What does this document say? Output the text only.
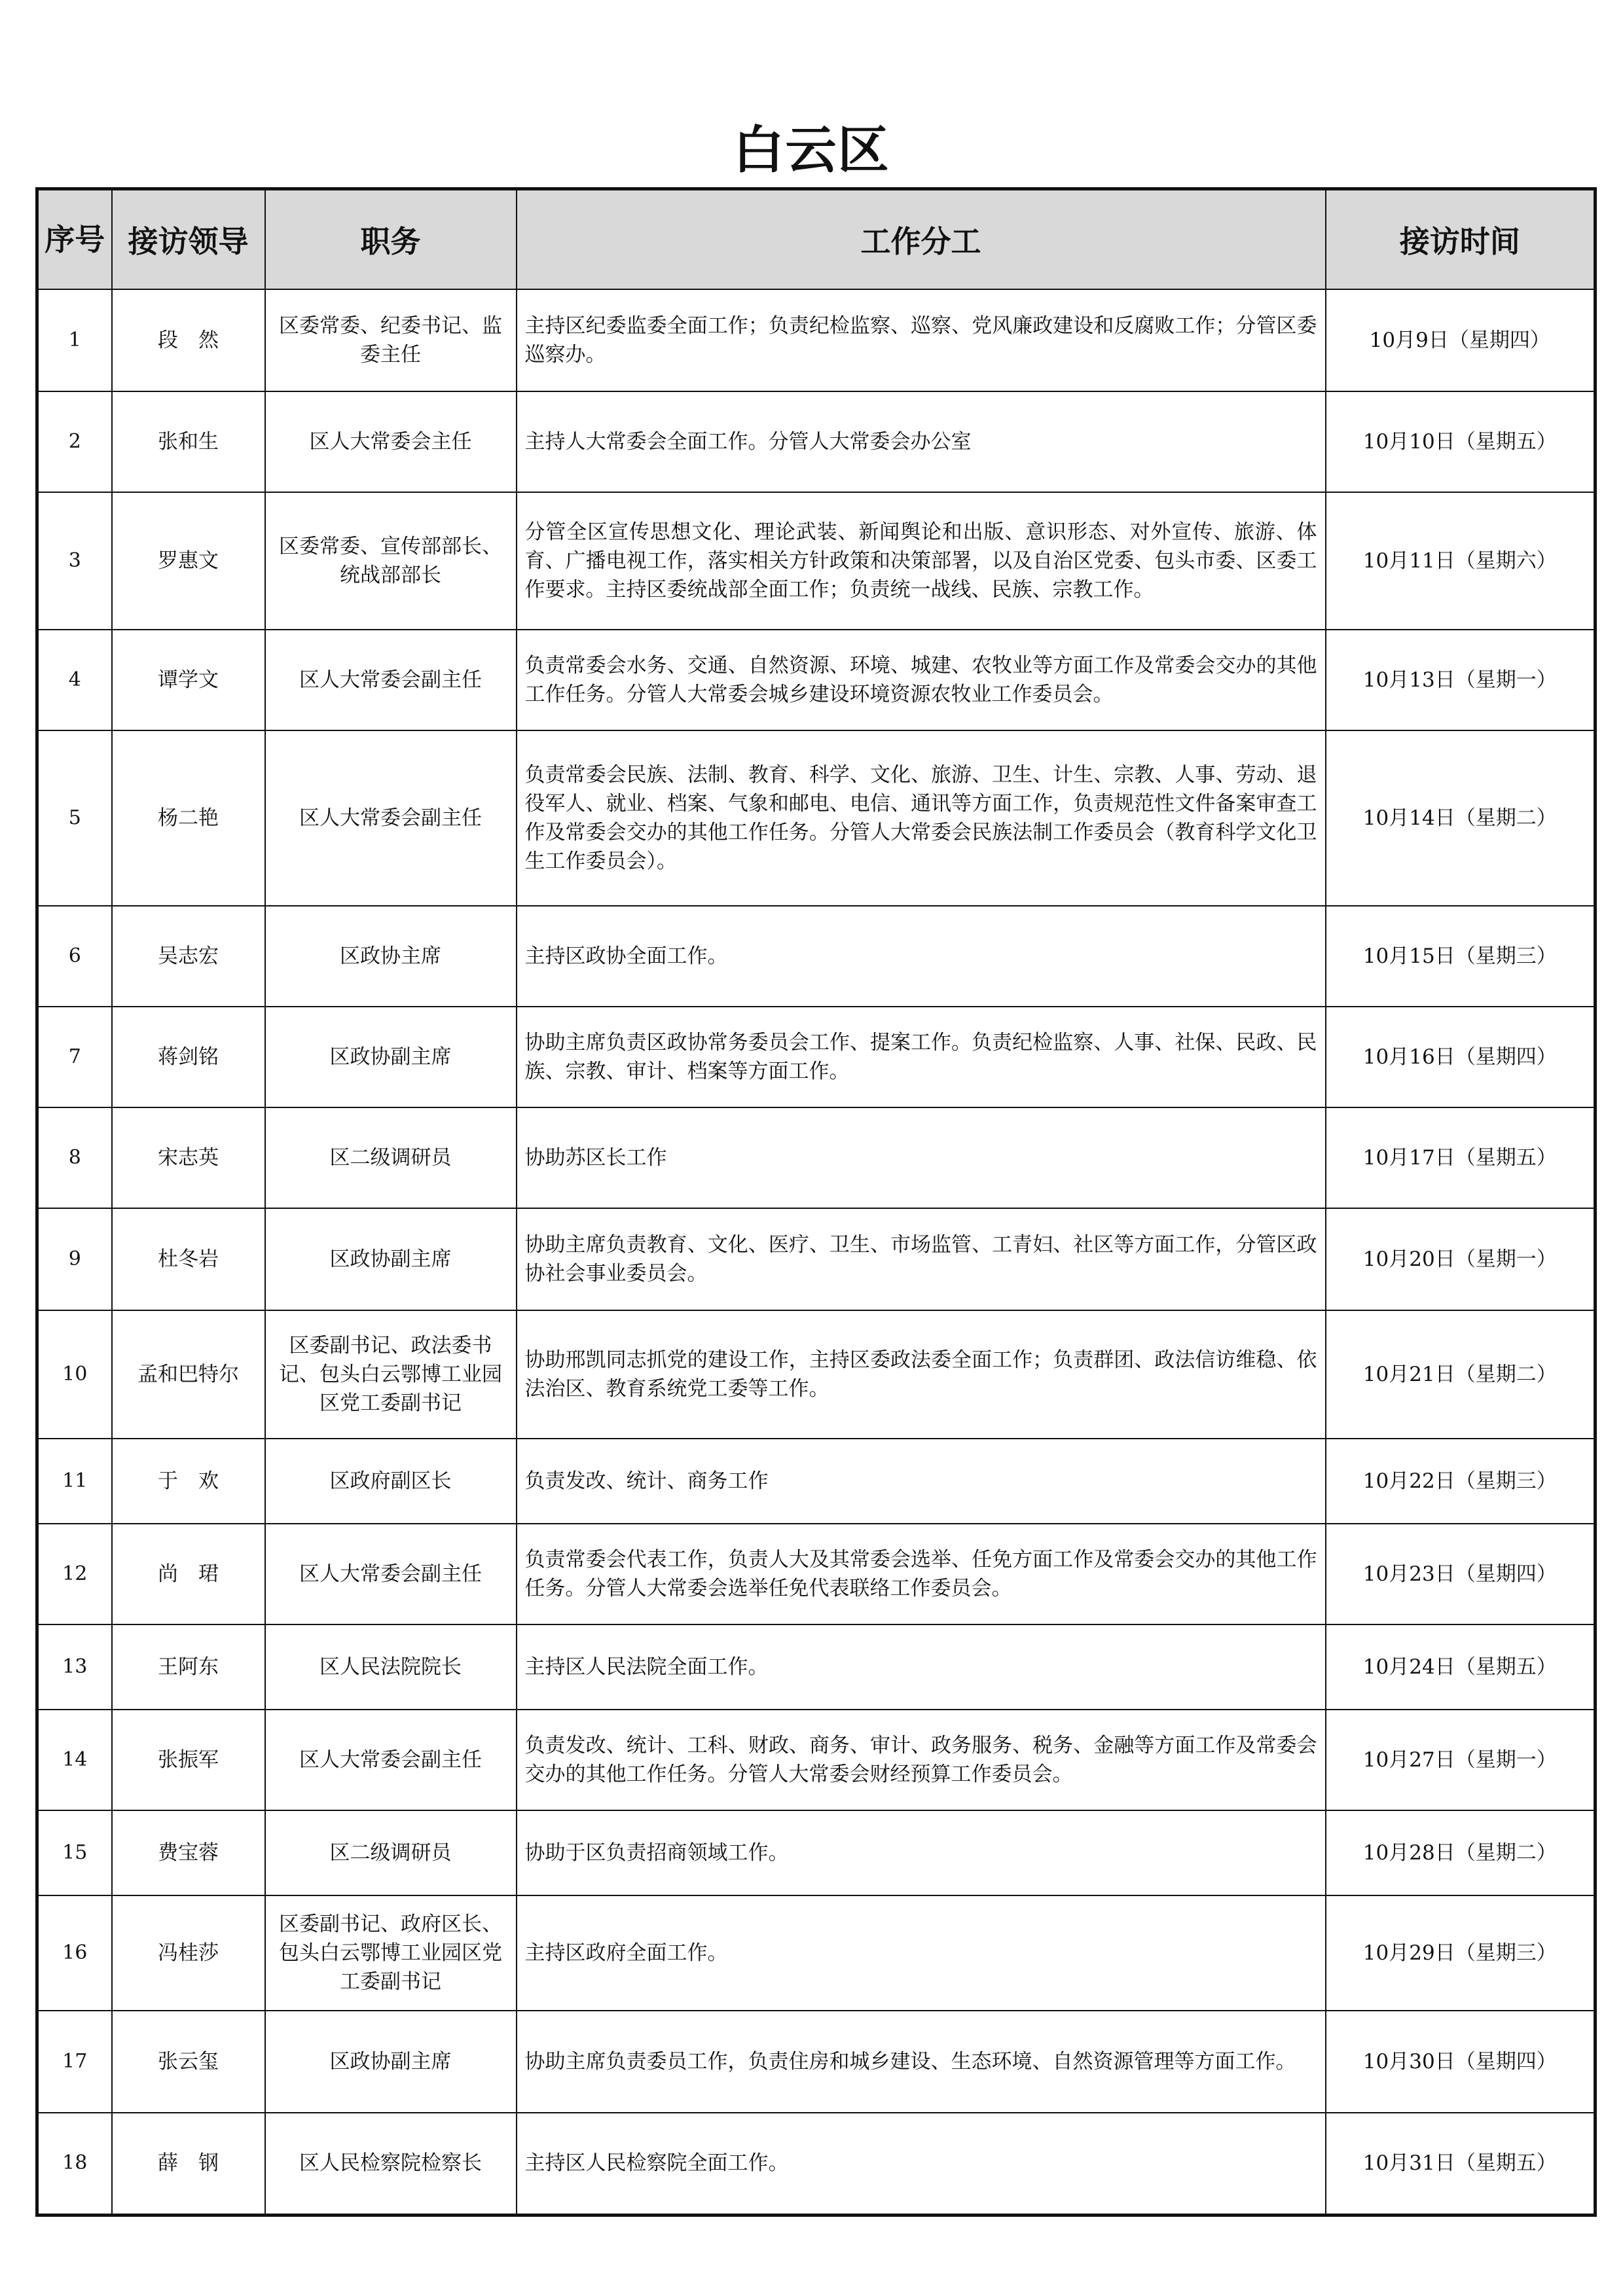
白云区
序号	接访领导	职务	工作分工	接访时间
1	段　然	区委常委、纪委书记、监委主任	主持区纪委监委全面工作；负责纪检监察、巡察、党风廉政建设和反腐败工作；分管区委巡察办。	10月9日（星期四）
2	张和生	区人大常委会主任	主持人大常委会全面工作。分管人大常委会办公室	10月10日（星期五）
3	罗惠文	区委常委、宣传部部长、统战部部长	分管全区宣传思想文化、理论武装、新闻舆论和出版、意识形态、对外宣传、旅游、体育、广播电视工作，落实相关方针政策和决策部署，以及自治区党委、包头市委、区委工作要求。主持区委统战部全面工作；负责统一战线、民族、宗教工作。	10月11日（星期六）
4	谭学文	区人大常委会副主任	负责常委会水务、交通、自然资源、环境、城建、农牧业等方面工作及常委会交办的其他工作任务。分管人大常委会城乡建设环境资源农牧业工作委员会。	10月13日（星期一）
5	杨二艳	区人大常委会副主任	负责常委会民族、法制、教育、科学、文化、旅游、卫生、计生、宗教、人事、劳动、退役军人、就业、档案、气象和邮电、电信、通讯等方面工作，负责规范性文件备案审查工作及常委会交办的其他工作任务。分管人大常委会民族法制工作委员会（教育科学文化卫生工作委员会）。	10月14日（星期二）
6	吴志宏	区政协主席	主持区政协全面工作。	10月15日（星期三）
7	蒋剑铭	区政协副主席	协助主席负责区政协常务委员会工作、提案工作。负责纪检监察、人事、社保、民政、民族、宗教、审计、档案等方面工作。	10月16日（星期四）
8	宋志英	区二级调研员	协助苏区长工作	10月17日（星期五）
9	杜冬岩	区政协副主席	协助主席负责教育、文化、医疗、卫生、市场监管、工青妇、社区等方面工作，分管区政协社会事业委员会。	10月20日（星期一）
10	孟和巴特尔	区委副书记、政法委书记、包头白云鄂博工业园区党工委副书记	协助邢凯同志抓党的建设工作，主持区委政法委全面工作；负责群团、政法信访维稳、依法治区、教育系统党工委等工作。	10月21日（星期二）
11	于　欢	区政府副区长	负责发改、统计、商务工作	10月22日（星期三）
12	尚　珺	区人大常委会副主任	负责常委会代表工作，负责人大及其常委会选举、任免方面工作及常委会交办的其他工作任务。分管人大常委会选举任免代表联络工作委员会。	10月23日（星期四）
13	王阿东	区人民法院院长	主持区人民法院全面工作。	10月24日（星期五）
14	张振军	区人大常委会副主任	负责发改、统计、工科、财政、商务、审计、政务服务、税务、金融等方面工作及常委会交办的其他工作任务。分管人大常委会财经预算工作委员会。	10月27日（星期一）
15	费宝蓉	区二级调研员	协助于区负责招商领域工作。	10月28日（星期二）
16	冯桂莎	区委副书记、政府区长、包头白云鄂博工业园区党工委副书记	主持区政府全面工作。	10月29日（星期三）
17	张云玺	区政协副主席	协助主席负责委员工作，负责住房和城乡建设、生态环境、自然资源管理等方面工作。	10月30日（星期四）
18	薛　钢	区人民检察院检察长	主持区人民检察院全面工作。	10月31日（星期五）
